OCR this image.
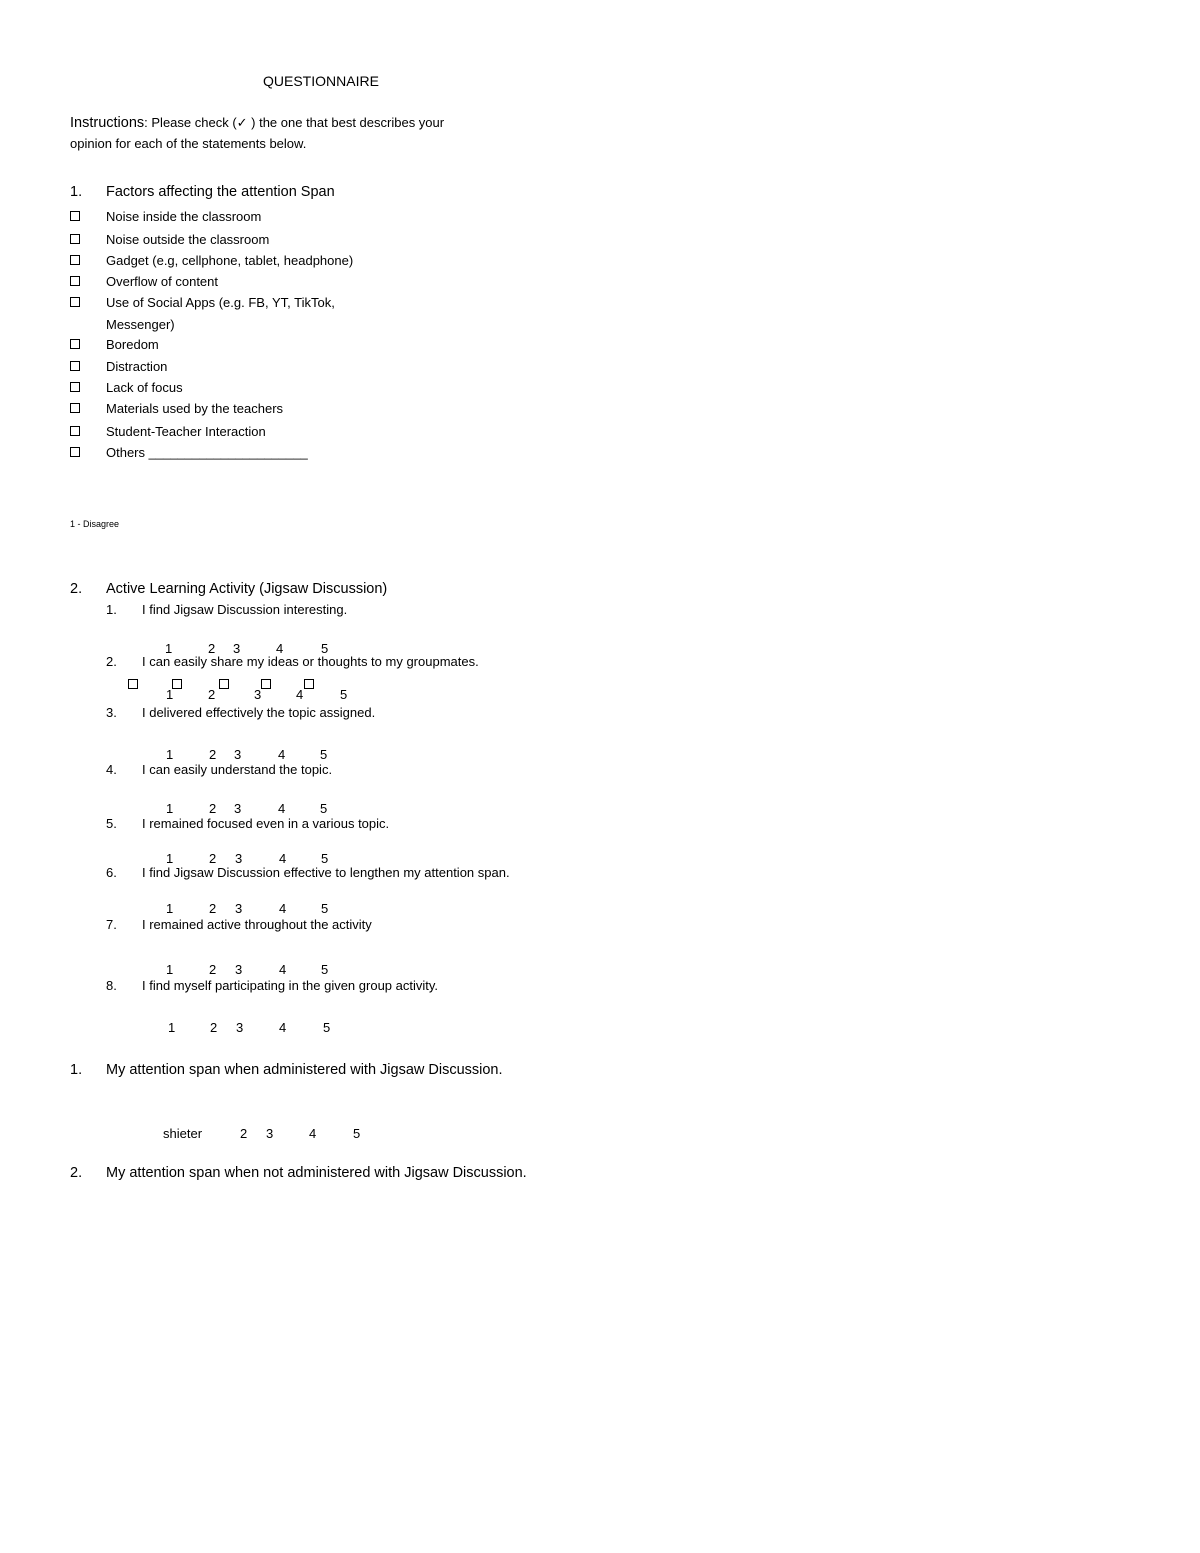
QUESTIONNAIRE
Instructions: Please check (✓ ) the one that best describes your
opinion for each of the statements below.
1. Factors affecting the attention Span
Noise inside the classroom
Noise outside the classroom
Gadget (e.g, cellphone, tablet, headphone)
Overflow of content
Use of Social Apps (e.g. FB, YT, TikTok,
Messenger)
Boredom
Distraction
Lack of focus
Materials used by the teachers
Student-Teacher Interaction
Others ______________________
1 - Disagree
2. Active Learning Activity (Jigsaw Discussion)
1. I find Jigsaw Discussion interesting.
2. I can easily share my ideas or thoughts to my groupmates.
3. I delivered effectively the topic assigned.
4. I can easily understand the topic.
5. I remained focused even in a various topic.
6. I find Jigsaw Discussion effective to lengthen my attention span.
7. I remained active throughout the activity
8. I find myself participating in the given group activity.
1	2 3	4	5
1	2	3	4	5
1	2 3	4	5
1	2 3	4	5
1	2 3	4	5
1	2 3	4	5
1	2 3	4	5
1	2 3	4	5
1. My attention span when administered with Jigsaw Discussion.
shieter	2 3	4	5
2. My attention span when not administered with Jigsaw Discussion.
